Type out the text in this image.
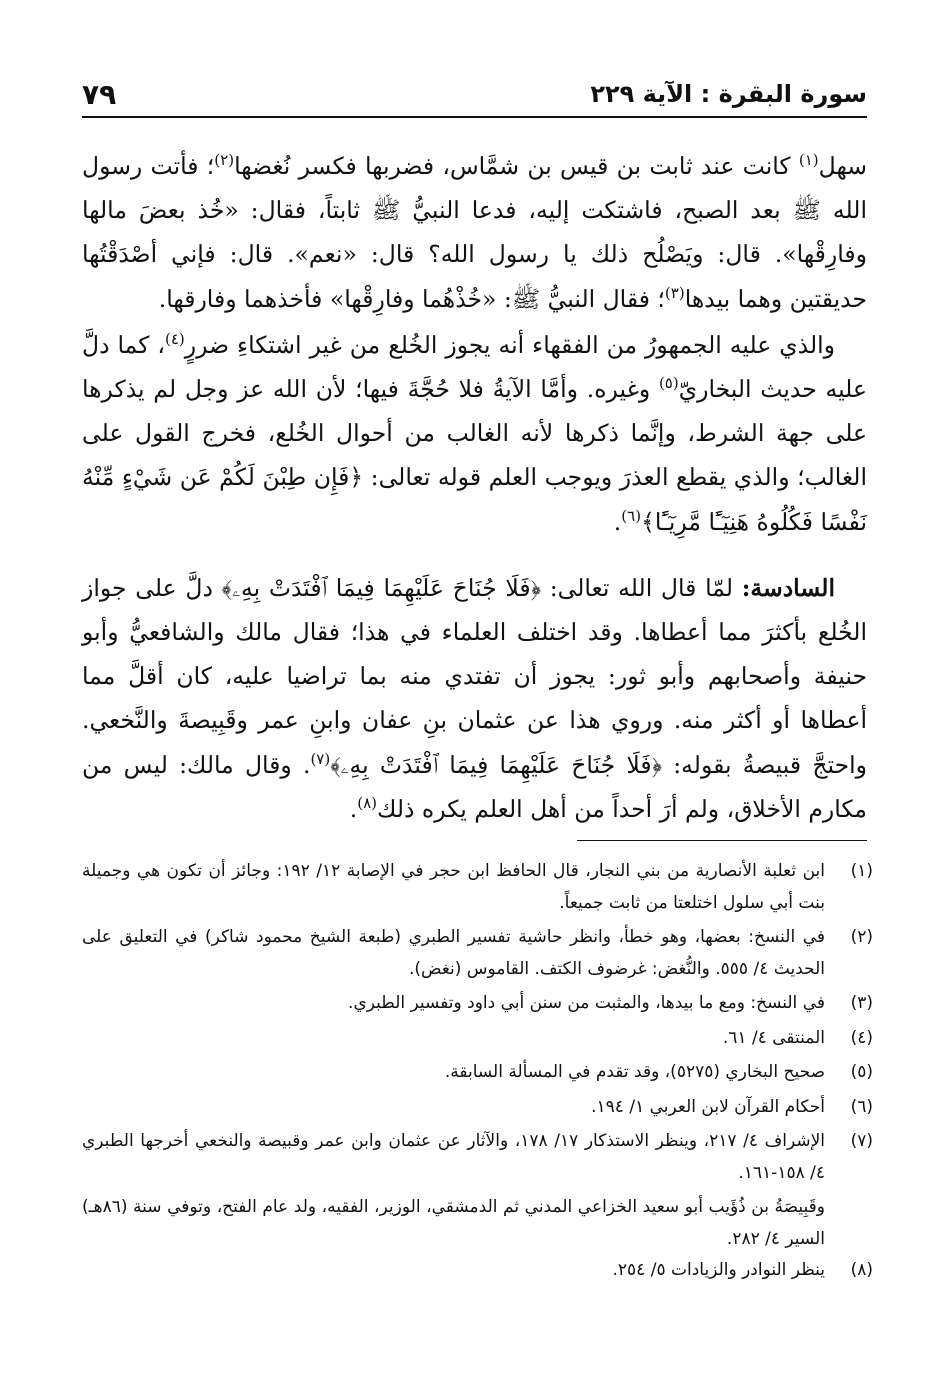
سورة البقرة : الآية ٢٢٩
٧٩

سهل$^{(١)}$ كانت عند ثابت بن قيس بن شمَّاس، فضربها فكسر نُغضها$^{(٢)}$؛ فأتت رسول الله ﷺ بعد الصبح، فاشتكت إليه، فدعا النبيُّ ﷺ ثابتاً، فقال: «خُذ بعضَ مالها وفارِقْها». قال: ويَصْلُح ذلك يا رسول الله؟ قال: «نعم». قال: فإني أصْدَقْتُها حديقتين وهما بيدها$^{(٣)}$؛ فقال النبيُّ ﷺ: «خُذْهُما وفارِقْها» فأخذهما وفارقها.

والذي عليه الجمهورُ من الفقهاء أنه يجوز الخُلع من غير اشتكاءِ ضررٍ$^{(٤)}$، كما دلَّ عليه حديث البخاريّ$^{(٥)}$ وغيره. وأمَّا الآيةُ فلا حُجَّةَ فيها؛ لأن الله عز وجل لم يذكرها على جهة الشرط، وإنَّما ذكرها لأنه الغالب من أحوال الخُلع، فخرج القول على الغالب؛ والذي يقطع العذرَ ويوجب العلم قوله تعالى: ﴿فَإِن طِبْنَ لَكُمْ عَن شَيْءٍ مِّنْهُ نَفْسًا فَكُلُوهُ هَنِيٓـًٔا مَّرِيٓـًٔا﴾$^{(٦)}$.

السادسة: لمّا قال الله تعالى: ﴿فَلَا جُنَاحَ عَلَيْهِمَا فِيمَا ٱفْتَدَتْ بِهِۦ﴾ دلَّ على جواز الخُلع بأكثرَ مما أعطاها. وقد اختلف العلماء في هذا؛ فقال مالك والشافعيُّ وأبو حنيفة وأصحابهم وأبو ثور: يجوز أن تفتدي منه بما تراضيا عليه، كان أقلَّ مما أعطاها أو أكثر منه. وروي هذا عن عثمان بنِ عفان وابنِ عمر وقَبِيصةَ والنَّخعي. واحتجَّ قبيصةُ بقوله: ﴿فَلَا جُنَاحَ عَلَيْهِمَا فِيمَا ٱفْتَدَتْ بِهِۦ﴾$^{(٧)}$. وقال مالك: ليس من مكارم الأخلاق، ولم أرَ أحداً من أهل العلم يكره ذلك$^{(٨)}$.

(١)
ابن ثعلبة الأنصارية من بني النجار، قال الحافظ ابن حجر في الإصابة ١٢/ ١٩٢: وجائز أن تكون هي وجميلة بنت أبي سلول اختلعتا من ثابت جميعاً.
(٢)
في النسخ: بعضها، وهو خطأ، وانظر حاشية تفسير الطبري (طبعة الشيخ محمود شاكر) في التعليق على الحديث ٤/ ٥٥٥. والنُّغض: غرضوف الكتف. القاموس (نغض).
(٣)
في النسخ: ومع ما بيدها، والمثبت من سنن أبي داود وتفسير الطبري.
(٤)
المنتقى ٤/ ٦١.
(٥)
صحيح البخاري (٥٢٧٥)، وقد تقدم في المسألة السابقة.
(٦)
أحكام القرآن لابن العربي ١/ ١٩٤.
(٧)
الإشراف ٤/ ٢١٧، وينظر الاستذكار ١٧/ ١٧٨، والآثار عن عثمان وابن عمر وقبيصة والنخعي أخرجها الطبري ٤/ ١٥٨-١٦١.
وقَبِيصَةُ بن ذُؤَيب أبو سعيد الخزاعي المدني ثم الدمشقي، الوزير، الفقيه، ولد عام الفتح، وتوفي سنة (٨٦هـ) السير ٤/ ٢٨٢.
(٨)
ينظر النوادر والزيادات ٥/ ٢٥٤.
